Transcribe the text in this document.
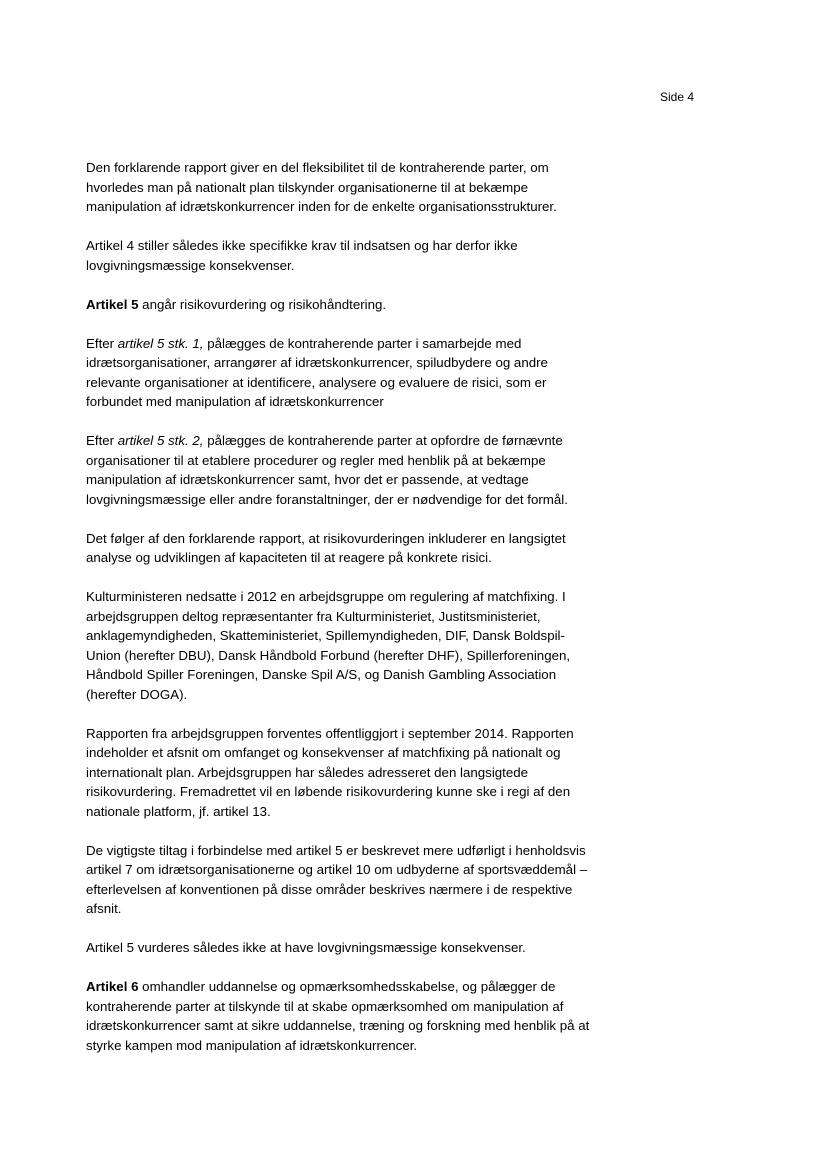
Side 4

Den forklarende rapport giver en del fleksibilitet til de kontraherende parter, om
hvorledes man på nationalt plan tilskynder organisationerne til at bekæmpe
manipulation af idrætskonkurrencer inden for de enkelte organisationsstrukturer.

Artikel 4 stiller således ikke specifikke krav til indsatsen og har derfor ikke
lovgivningsmæssige konsekvenser.

Artikel 5 angår risikovurdering og risikohåndtering.

Efter artikel 5 stk. 1, pålægges de kontraherende parter i samarbejde med
idrætsorganisationer, arrangører af idrætskonkurrencer, spiludbydere og andre
relevante organisationer at identificere, analysere og evaluere de risici, som er
forbundet med manipulation af idrætskonkurrencer

Efter artikel 5 stk. 2, pålægges de kontraherende parter at opfordre de førnævnte
organisationer til at etablere procedurer og regler med henblik på at bekæmpe
manipulation af idrætskonkurrencer samt, hvor det er passende, at vedtage
lovgivningsmæssige eller andre foranstaltninger, der er nødvendige for det formål.

Det følger af den forklarende rapport, at risikovurderingen inkluderer en langsigtet
analyse og udviklingen af kapaciteten til at reagere på konkrete risici.

Kulturministeren nedsatte i 2012 en arbejdsgruppe om regulering af matchfixing. I
arbejdsgruppen deltog repræsentanter fra Kulturministeriet, Justitsministeriet,
anklagemyndigheden, Skatteministeriet, Spillemyndigheden, DIF, Dansk Boldspil-
Union (herefter DBU), Dansk Håndbold Forbund (herefter DHF), Spillerforeningen,
Håndbold Spiller Foreningen, Danske Spil A/S, og Danish Gambling Association
(herefter DOGA).

Rapporten fra arbejdsgruppen forventes offentliggjort i september 2014. Rapporten
indeholder et afsnit om omfanget og konsekvenser af matchfixing på nationalt og
internationalt plan. Arbejdsgruppen har således adresseret den langsigtede
risikovurdering. Fremadrettet vil en løbende risikovurdering kunne ske i regi af den
nationale platform, jf. artikel 13.

De vigtigste tiltag i forbindelse med artikel 5 er beskrevet mere udførligt i henholdsvis
artikel 7 om idrætsorganisationerne og artikel 10 om udbyderne af sportsvæddemål –
efterlevelsen af konventionen på disse områder beskrives nærmere i de respektive
afsnit.

Artikel 5 vurderes således ikke at have lovgivningsmæssige konsekvenser.

Artikel 6 omhandler uddannelse og opmærksomhedsskabelse, og pålægger de
kontraherende parter at tilskynde til at skabe opmærksomhed om manipulation af
idrætskonkurrencer samt at sikre uddannelse, træning og forskning med henblik på at
styrke kampen mod manipulation af idrætskonkurrencer.
